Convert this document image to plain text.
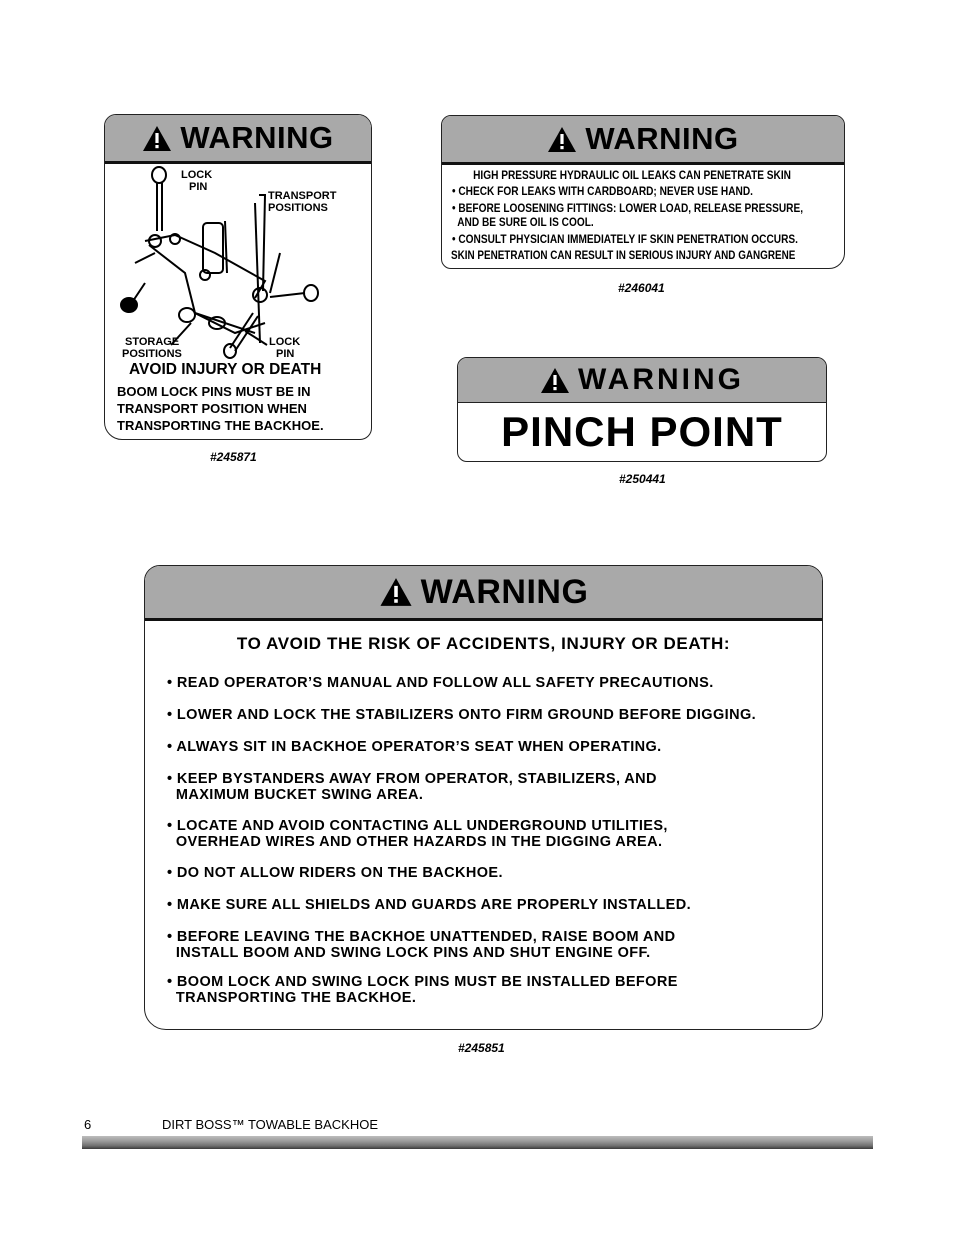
WARNING
LOCK
PIN
TRANSPORT
POSITIONS
STORAGE
POSITIONS
LOCK
PIN
AVOID INJURY OR DEATH
BOOM LOCK PINS MUST BE IN
TRANSPORT POSITION WHEN
TRANSPORTING THE BACKHOE.
#245871
WARNING
HIGH PRESSURE HYDRAULIC OIL LEAKS CAN PENETRATE SKIN
• CHECK FOR LEAKS WITH CARDBOARD; NEVER USE HAND.
• BEFORE LOOSENING FITTINGS: LOWER LOAD, RELEASE PRESSURE,
AND BE SURE OIL IS COOL.
• CONSULT PHYSICIAN IMMEDIATELY IF SKIN PENETRATION OCCURS.
SKIN PENETRATION CAN RESULT IN SERIOUS INJURY AND GANGRENE
#246041
WARNING
PINCH POINT
#250441
WARNING
TO AVOID THE RISK OF ACCIDENTS, INJURY OR DEATH:
• READ OPERATOR’S MANUAL AND FOLLOW ALL SAFETY PRECAUTIONS.
• LOWER AND LOCK THE STABILIZERS ONTO FIRM GROUND BEFORE DIGGING.
• ALWAYS SIT IN BACKHOE OPERATOR’S SEAT WHEN OPERATING.
• KEEP BYSTANDERS AWAY FROM OPERATOR, STABILIZERS, AND
MAXIMUM BUCKET SWING AREA.
• LOCATE AND AVOID CONTACTING ALL UNDERGROUND UTILITIES,
OVERHEAD WIRES AND OTHER HAZARDS IN THE DIGGING AREA.
• DO NOT ALLOW RIDERS ON THE BACKHOE.
• MAKE SURE ALL SHIELDS AND GUARDS ARE PROPERLY INSTALLED.
• BEFORE LEAVING THE BACKHOE UNATTENDED, RAISE BOOM AND
INSTALL BOOM AND SWING LOCK PINS AND SHUT ENGINE OFF.
• BOOM LOCK AND SWING LOCK PINS MUST BE INSTALLED BEFORE
TRANSPORTING THE BACKHOE.
#245851
6	DIRT BOSS™ TOWABLE BACKHOE
